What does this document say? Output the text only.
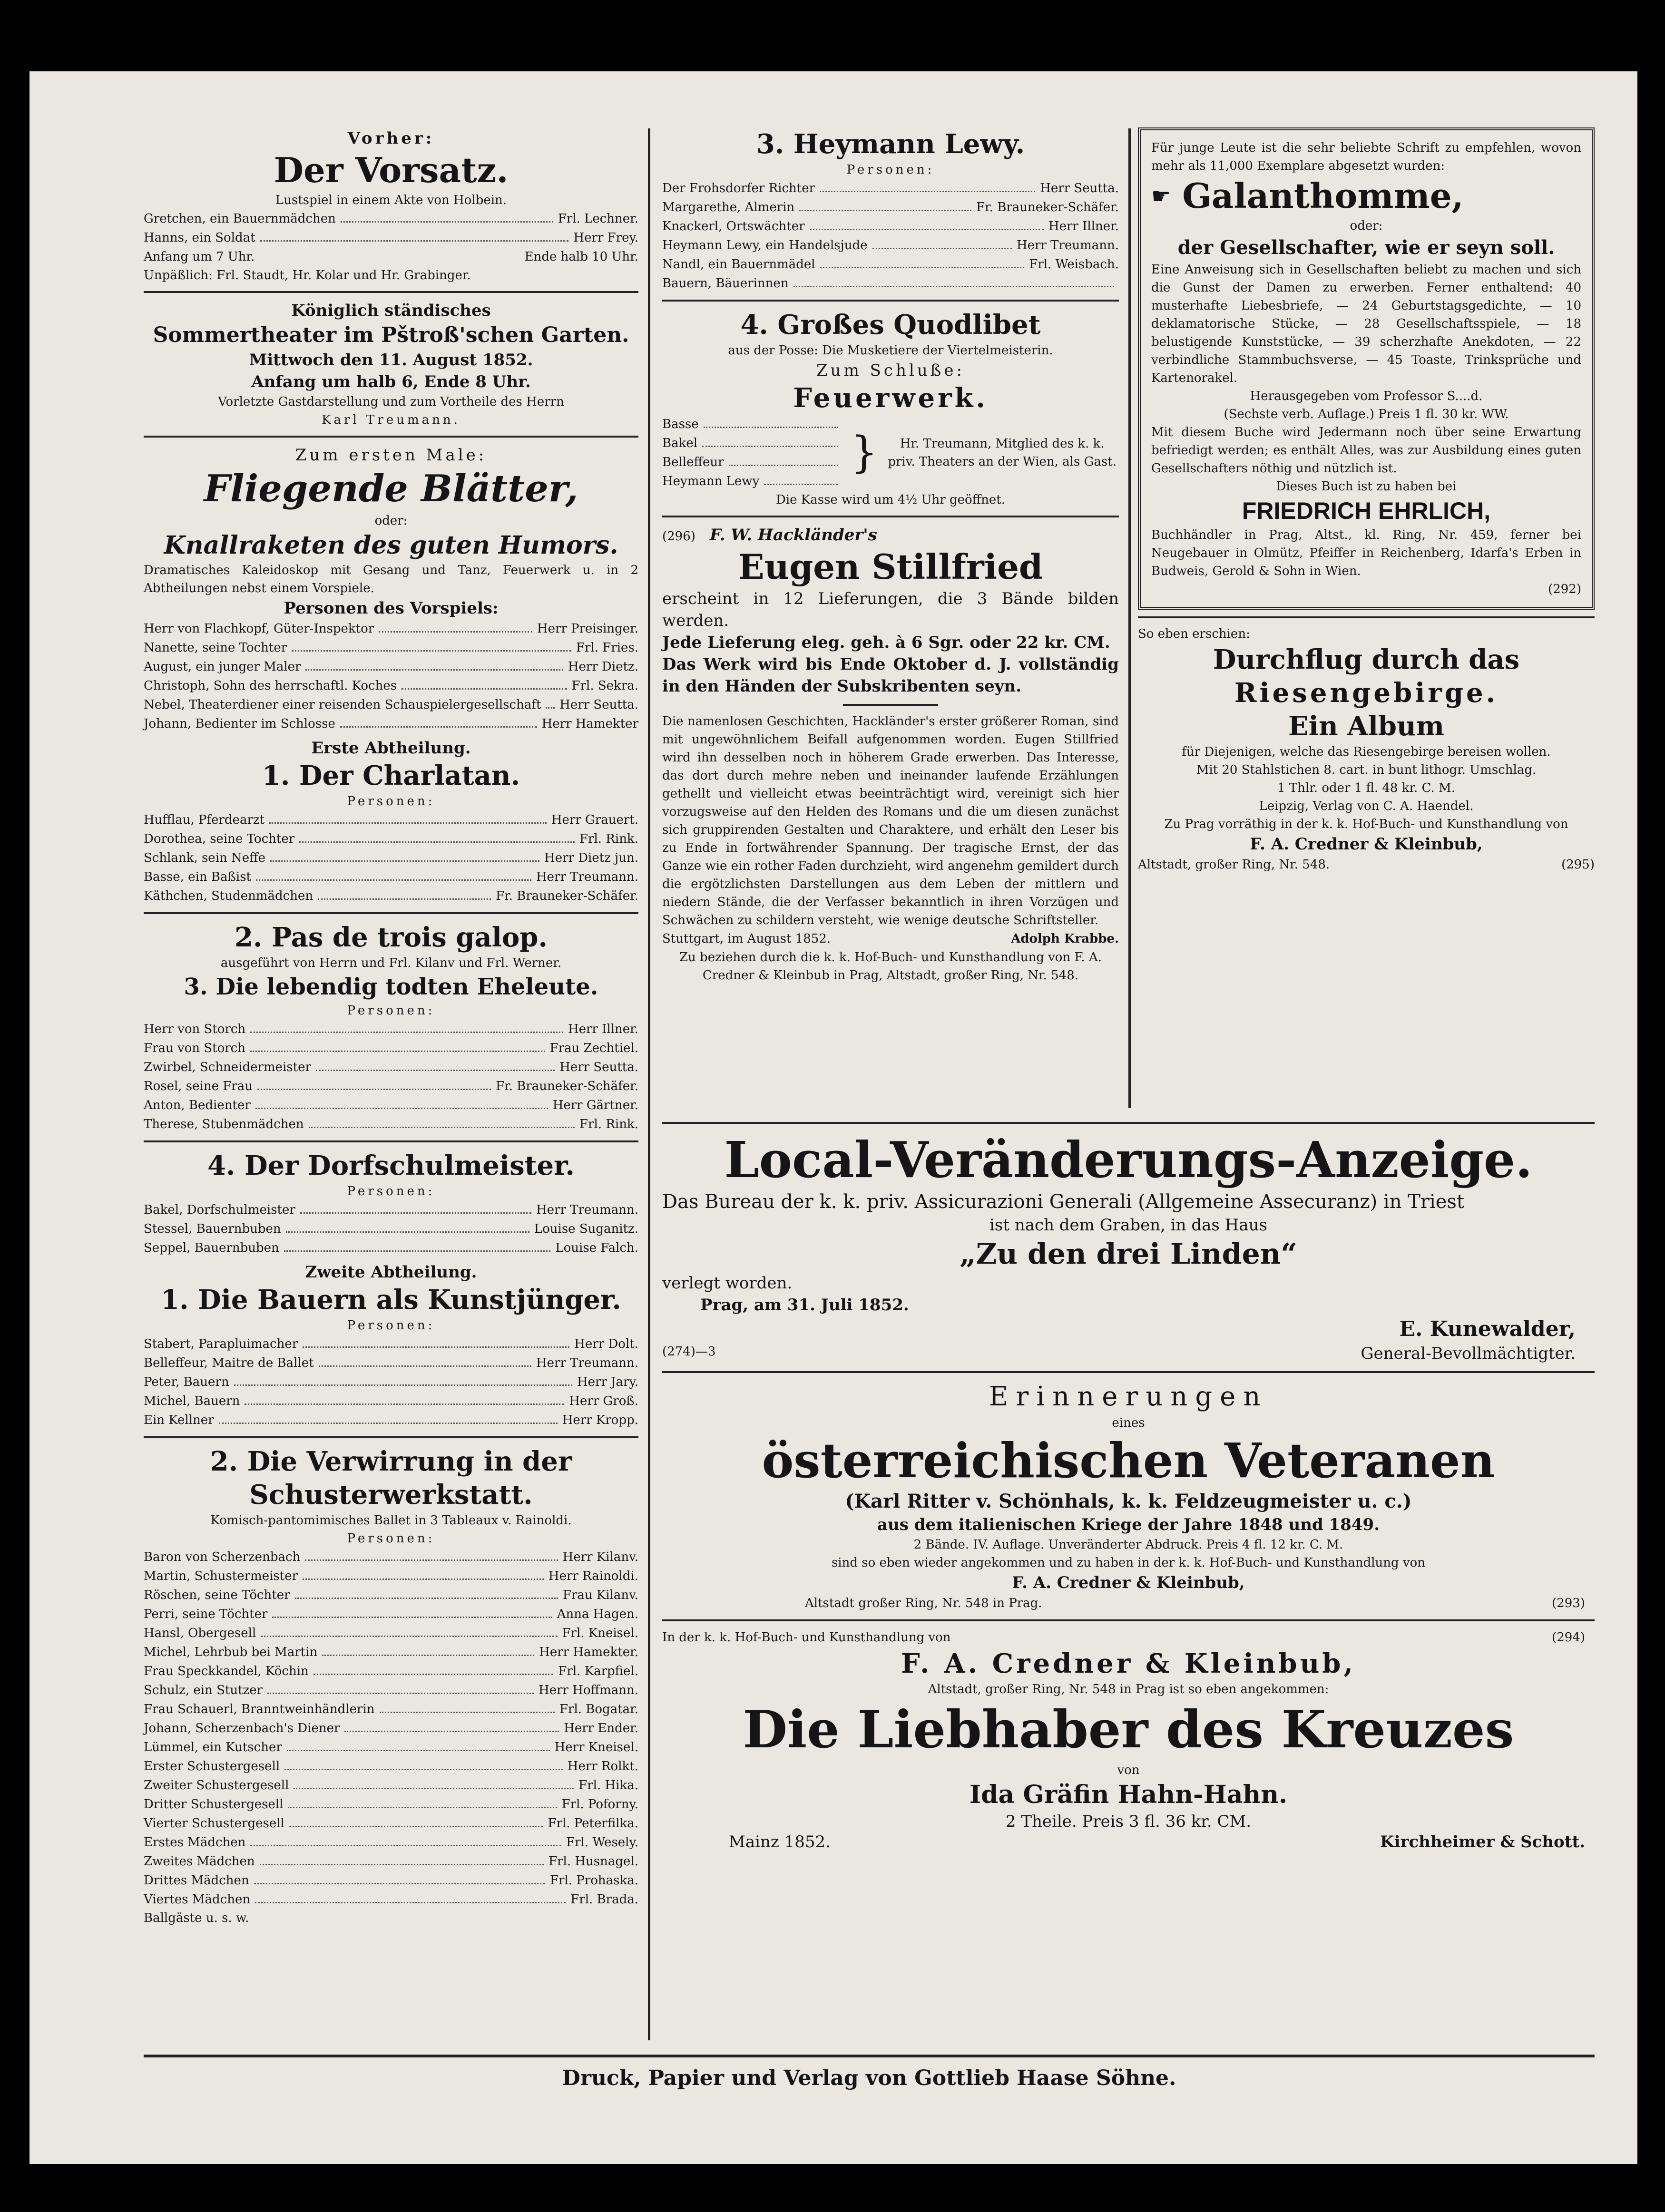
Vorher:
Der Vorsatz.
Lustspiel in einem Akte von Holbein.
Gretchen, ein Bauernmädchen	Frl. Lechner.
Hanns, ein Soldat	Herr Frey.
Anfang um 7 Uhr.	Ende halb 10 Uhr.
Unpäßlich: Frl. Staudt, Hr. Kolar und Hr. Grabinger.
Königlich ständisches
Sommertheater im Pštroß'schen Garten.
Mittwoch den 11. August 1852.
Anfang um halb 6, Ende 8 Uhr.
Vorletzte Gastdarstellung und zum Vortheile des Herrn
Karl Treumann.
Zum ersten Male:
Fliegende Blätter,
oder:
Knallraketen des guten Humors.
Dramatisches Kaleidoskop mit Gesang und Tanz, Feuerwerk u. in 2 Abtheilungen nebst einem Vorspiele.
Personen des Vorspiels:
Herr von Flachkopf, Güter-Inspektor	Herr Preisinger.
Nanette, seine Tochter	Frl. Fries.
August, ein junger Maler	Herr Dietz.
Christoph, Sohn des herrschaftl. Koches	Frl. Sekra.
Nebel, Theaterdiener einer reisenden Schauspielergesellschaft Herr Seutta.
Johann, Bedienter im Schlosse	Herr Hamekter
Erste Abtheilung.
1. Der Charlatan.
Personen:
Hufflau, Pferdearzt	Herr Grauert.
Dorothea, seine Tochter	Frl. Rink.
Schlank, sein Neffe	Herr Dietz jun.
Basse, ein Baßist	Herr Treumann.
Käthchen, Studenmädchen	Fr. Brauneker-Schäfer.
2. Pas de trois galop.
ausgeführt von Herrn und Frl. Kilanv und Frl. Werner.
3. Die lebendig todten Eheleute.
Personen:
Herr von Storch	Herr Illner.
Frau von Storch	Frau Zechtiel.
Zwirbel, Schneidermeister	Herr Seutta.
Rosel, seine Frau	Fr. Brauneker-Schäfer.
Anton, Bedienter	Herr Gärtner.
Therese, Stubenmädchen	Frl. Rink.
4. Der Dorfschulmeister.
Personen:
Bakel, Dorfschulmeister	Herr Treumann.
Stessel, Bauernbuben	Louise Suganitz.
Seppel, Bauernbuben	Louise Falch.
Zweite Abtheilung.
1. Die Bauern als Kunstjünger.
Personen:
Stabert, Parapluimacher	Herr Dolt.
Belleffeur, Maitre de Ballet	Herr Treumann.
Peter, Bauern	Herr Jary.
Michel, Bauern	Herr Groß.
Ein Kellner	Herr Kropp.
2. Die Verwirrung in der
Schusterwerkstatt.
Komisch-pantomimisches Ballet in 3 Tableaux v. Rainoldi.
Personen:
Baron von Scherzenbach	Herr Kilanv.
Martin, Schustermeister	Herr Rainoldi.
Röschen, seine Töchter	Frau Kilanv.
Perri, seine Töchter	Anna Hagen.
Hansl, Obergesell	Frl. Kneisel.
Michel, Lehrbub bei Martin	Herr Hamekter.
Frau Speckkandel, Köchin	Frl. Karpfiel.
Schulz, ein Stutzer	Herr Hoffmann.
Frau Schauerl, Branntweinhändlerin	Frl. Bogatar.
Johann, Scherzenbach's Diener	Herr Ender.
Lümmel, ein Kutscher	Herr Kneisel.
Erster Schustergesell	Herr Rolkt.
Zweiter Schustergesell	Frl. Hika.
Dritter Schustergesell	Frl. Poforny.
Vierter Schustergesell	Frl. Peterfilka.
Erstes Mädchen	Frl. Wesely.
Zweites Mädchen	Frl. Husnagel.
Drittes Mädchen	Frl. Prohaska.
Viertes Mädchen	Frl. Brada.
Ballgäste u. s. w.
3. Heymann Lewy.
Personen:
Der Frohsdorfer Richter	Herr Seutta.
Margarethe, Almerin	Fr. Brauneker-Schäfer.
Knackerl, Ortswächter	Herr Illner.
Heymann Lewy, ein Handelsjude	Herr Treumann.
Nandl, ein Bauernmädel	Frl. Weisbach.
Bauern, Bäuerinnen
4. Großes Quodlibet
aus der Posse: Die Musketiere der Viertelmeisterin.
Zum Schluße:
Feuerwerk.
Basse
Bakel
Belleffeur
Heymann Lewy
}	Hr. Treumann, Mitglied des k. k. priv. Theaters an der Wien, als Gast.
Die Kasse wird um 4½ Uhr geöffnet.
(296) F. W. Hackländer's
Eugen Stillfried
erscheint in 12 Lieferungen, die 3 Bände bilden werden.
Jede Lieferung eleg. geh. à 6 Sgr. oder 22 kr. CM.
Das Werk wird bis Ende Oktober d. J. vollständig in den Händen der Subskribenten seyn.
Die namenlosen Geschichten, Hackländer's erster größerer Roman, sind mit ungewöhnlichem Beifall aufgenommen worden. Eugen Stillfried wird ihn desselben noch in höherem Grade erwerben. Das Interesse, das dort durch mehre neben und ineinander laufende Erzählungen gethellt und vielleicht etwas beeinträchtigt wird, vereinigt sich hier vorzugsweise auf den Helden des Romans und die um diesen zunächst sich gruppirenden Gestalten und Charaktere, und erhält den Leser bis zu Ende in fortwährender Spannung. Der tragische Ernst, der das Ganze wie ein rother Faden durchzieht, wird angenehm gemildert durch die ergötzlichsten Darstellungen aus dem Leben der mittlern und niedern Stände, die der Verfasser bekanntlich in ihren Vorzügen und Schwächen zu schildern versteht, wie wenige deutsche Schriftsteller.
Stuttgart, im August 1852.	Adolph Krabbe.
Zu beziehen durch die k. k. Hof-Buch- und Kunsthandlung von F. A. Credner & Kleinbub in Prag, Altstadt, großer Ring, Nr. 548.
Für junge Leute ist die sehr beliebte Schrift zu empfehlen, wovon mehr als 11,000 Exemplare abgesetzt wurden:
☛ Galanthomme,
oder:
der Gesellschafter, wie er seyn soll.
Eine Anweisung sich in Gesellschaften beliebt zu machen und sich die Gunst der Damen zu erwerben. Ferner enthaltend: 40 musterhafte Liebesbriefe, — 24 Geburtstagsgedichte, — 10 deklamatorische Stücke, — 28 Gesellschaftsspiele, — 18 belustigende Kunststücke, — 39 scherzhafte Anekdoten, — 22 verbindliche Stammbuchsverse, — 45 Toaste, Trinksprüche und Kartenorakel.
Herausgegeben vom Professor S....d.
(Sechste verb. Auflage.) Preis 1 fl. 30 kr. WW.
Mit diesem Buche wird Jedermann noch über seine Erwartung befriedigt werden; es enthält Alles, was zur Ausbildung eines guten Gesellschafters nöthig und nützlich ist.
Dieses Buch ist zu haben bei
FRIEDRICH EHRLICH,
Buchhändler in Prag, Altst., kl. Ring, Nr. 459, ferner bei Neugebauer in Olmütz, Pfeiffer in Reichenberg, Idarfa's Erben in Budweis, Gerold & Sohn in Wien.
(292)
So eben erschien:
Durchflug durch das
Riesengebirge.
Ein Album
für Diejenigen, welche das Riesengebirge bereisen wollen.
Mit 20 Stahlstichen 8. cart. in bunt lithogr. Umschlag.
1 Thlr. oder 1 fl. 48 kr. C. M.
Leipzig, Verlag von C. A. Haendel.
Zu Prag vorräthig in der k. k. Hof-Buch- und Kunsthandlung von
F. A. Credner & Kleinbub,
Altstadt, großer Ring, Nr. 548.	(295)
Local-Veränderungs-Anzeige.
Das Bureau der k. k. priv. Assicurazioni Generali (Allgemeine Assecuranz) in Triest
ist nach dem Graben, in das Haus
„Zu den drei Linden“
verlegt worden.
Prag, am 31. Juli 1852.
E. Kunewalder,
(274)—3	General-Bevollmächtigter.
Erinnerungen
eines
österreichischen Veteranen
(Karl Ritter v. Schönhals, k. k. Feldzeugmeister u. c.)
aus dem italienischen Kriege der Jahre 1848 und 1849.
2 Bände. IV. Auflage. Unveränderter Abdruck. Preis 4 fl. 12 kr. C. M.
sind so eben wieder angekommen und zu haben in der k. k. Hof-Buch- und Kunsthandlung von
F. A. Credner & Kleinbub,
Altstadt großer Ring, Nr. 548 in Prag.	(293)
In der k. k. Hof-Buch- und Kunsthandlung von	(294)
F. A. Credner & Kleinbub,
Altstadt, großer Ring, Nr. 548 in Prag ist so eben angekommen:
Die Liebhaber des Kreuzes
von
Ida Gräfin Hahn-Hahn.
2 Theile. Preis 3 fl. 36 kr. CM.
Mainz 1852.	Kirchheimer & Schott.
Druck, Papier und Verlag von Gottlieb Haase Söhne.
